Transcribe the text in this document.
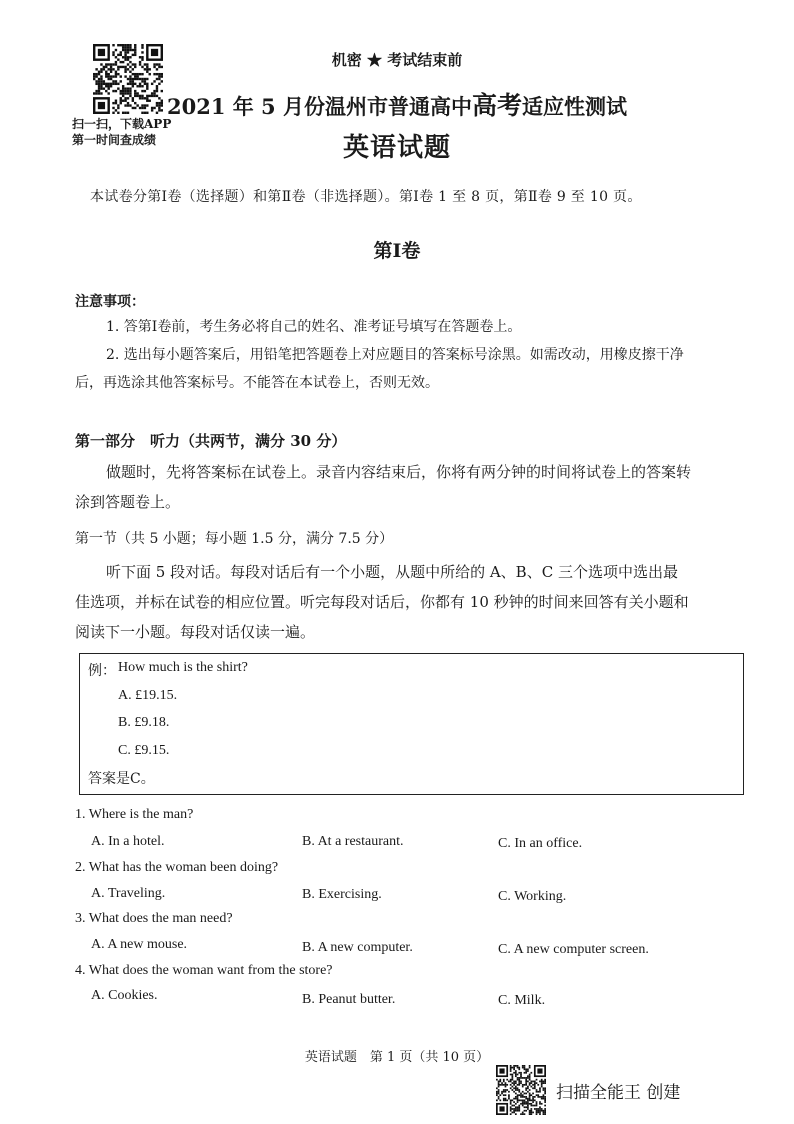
扫一扫，下载APP
第一时间查成绩
机密 ★ 考试结束前
2021 年 5 月份温州市普通高中高考适应性测试
英语试题
本试卷分第Ⅰ卷（选择题）和第Ⅱ卷（非选择题）。第Ⅰ卷 1 至 8 页，第Ⅱ卷 9 至 10 页。
第Ⅰ卷
注意事项：
1. 答第Ⅰ卷前，考生务必将自己的姓名、准考证号填写在答题卷上。
2. 选出每小题答案后，用铅笔把答题卷上对应题目的答案标号涂黑。如需改动，用橡皮擦干净
后，再选涂其他答案标号。不能答在本试卷上，否则无效。
第一部分　听力（共两节，满分 30 分）
做题时，先将答案标在试卷上。录音内容结束后，你将有两分钟的时间将试卷上的答案转
涂到答题卷上。
第一节（共 5 小题；每小题 1.5 分，满分 7.5 分）
听下面 5 段对话。每段对话后有一个小题，从题中所给的 A、B、C 三个选项中选出最
佳选项，并标在试卷的相应位置。听完每段对话后，你都有 10 秒钟的时间来回答有关小题和
阅读下一小题。每段对话仅读一遍。
例： How much is the shirt?
A. £19.15.
B. £9.18.
C. £9.15.
答案是C。
1. Where is the man?
A. In a hotel.	B. At a restaurant.	C. In an office.
2. What has the woman been doing?
A. Traveling.	B. Exercising.	C. Working.
3. What does the man need?
A. A new mouse.	B. A new computer.	C. A new computer screen.
4. What does the woman want from the store?
A. Cookies.	B. Peanut butter.	C. Milk.
英语试题　第 1 页（共 10 页）
扫描全能王 创建
